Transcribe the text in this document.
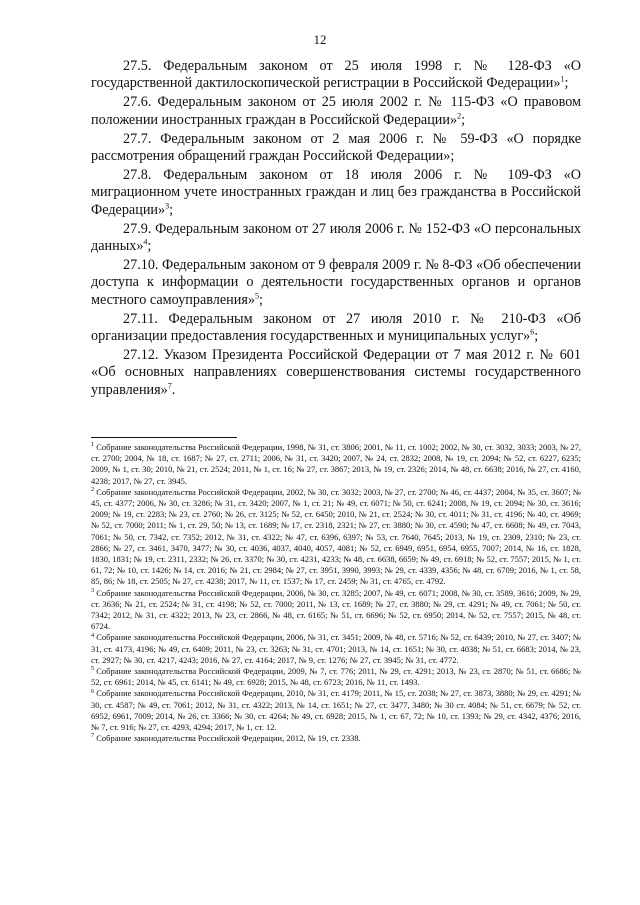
12

27.5. Федеральным законом от 25 июля 1998 г. № 128-ФЗ «О государственной дактилоскопической регистрации в Российской Федерации»$^1$;

27.6. Федеральным законом от 25 июля 2002 г. № 115-ФЗ «О правовом положении иностранных граждан в Российской Федерации»$^2$;

27.7. Федеральным законом от 2 мая 2006 г. № 59-ФЗ «О порядке рассмотрения обращений граждан Российской Федерации»;

27.8. Федеральным законом от 18 июля 2006 г. № 109-ФЗ «О миграционном учете иностранных граждан и лиц без гражданства в Российской Федерации»$^3$;

27.9. Федеральным законом от 27 июля 2006 г. № 152-ФЗ «О персональных данных»$^4$;

27.10. Федеральным законом от 9 февраля 2009 г. № 8-ФЗ «Об обеспечении доступа к информации о деятельности государственных органов и органов местного самоуправления»$^5$;

27.11. Федеральным законом от 27 июля 2010 г. № 210-ФЗ «Об организации предоставления государственных и муниципальных услуг»$^6$;

27.12. Указом Президента Российской Федерации от 7 мая 2012 г. № 601 «Об основных направлениях совершенствования системы государственного управления»$^7$.

$^1$ Собрание законодательства Российской Федерации, 1998, № 31, ст. 3806; 2001, № 11, ст. 1002; 2002, № 30, ст. 3032, 3033; 2003, № 27, ст. 2700; 2004, № 18, ст. 1687; № 27, ст. 2711; 2006, № 31, ст. 3420; 2007, № 24, ст. 2832; 2008, № 19, ст. 2094; № 52, ст. 6227, 6235; 2009, № 1, ст. 30; 2010, № 21, ст. 2524; 2011, № 1, ст. 16; № 27, ст. 3867; 2013, № 19, ст. 2326; 2014, № 48, ст. 6638; 2016, № 27, ст. 4160, 4238; 2017, № 27, ст. 3945.

$^2$ Собрание законодательства Российской Федерации, 2002, № 30, ст. 3032; 2003, № 27, ст. 2700; № 46, ст. 4437; 2004, № 35, ст. 3607; № 45, ст. 4377; 2006, № 30, ст. 3286; № 31, ст. 3420; 2007, № 1, ст. 21; № 49, ст. 6071; № 50, ст. 6241; 2008, № 19, ст. 2094; № 30, ст. 3616; 2009; № 19, ст. 2283; № 23, ст. 2760; № 26, ст. 3125; № 52, ст. 6450; 2010, № 21, ст. 2524; № 30, ст. 4011; № 31, ст. 4196; № 40, ст. 4969; № 52, ст. 7000; 2011; № 1, ст. 29, 50; № 13, ст. 1689; № 17, ст. 2318, 2321; № 27, ст. 3880; № 30, ст. 4590; № 47, ст. 6608; № 49, ст. 7043, 7061; № 50, ст. 7342, ст. 7352; 2012, № 31, ст. 4322; № 47, ст. 6396, 6397; № 53, ст. 7640, 7645; 2013, № 19, ст. 2309, 2310; № 23, ст. 2866; № 27, ст. 3461, 3470, 3477; № 30, ст. 4036, 4037, 4040, 4057, 4081; № 52, ст. 6949, 6951, 6954, 6955, 7007; 2014, № 16, ст. 1828, 1830, 1831; № 19, ст. 2311, 2332; № 26, ст. 3370; № 30, ст. 4231, 4233; № 48, ст. 6638, 6659; № 49, ст. 6918; № 52, ст. 7557; 2015, № 1, ст. 61, 72; № 10, ст. 1426; № 14, ст. 2016; № 21, ст. 2984; № 27, ст. 3951, 3990, 3993; № 29, ст. 4339, 4356; № 48, ст. 6709; 2016, № 1, ст. 58, 85, 86; № 18, ст. 2505; № 27, ст. 4238; 2017, № 11, ст. 1537; № 17, ст. 2459; № 31, ст. 4765, ст. 4792.

$^3$ Собрание законодательства Российской Федерации, 2006, № 30, ст. 3285; 2007, № 49, ст. 6071; 2008, № 30, ст. 3589, 3616; 2009, № 29, ст. 3636; № 21, ст. 2524; № 31, ст. 4198; № 52, ст. 7000; 2011, № 13, ст. 1689; № 27, ст. 3880; № 29, ст. 4291; № 49, ст. 7061; № 50, ст. 7342; 2012, № 31, ст. 4322; 2013, № 23, ст. 2866, № 48, ст. 6165; № 51, ст. 6696; № 52, ст. 6950; 2014, № 52, ст. 7557; 2015, № 48, ст. 6724.

$^4$ Собрание законодательства Российской Федерации, 2006, № 31, ст. 3451; 2009, № 48, ст. 5716; № 52, ст. 6439; 2010, № 27, ст. 3407; № 31, ст. 4173, 4196; № 49, ст. 6409; 2011, № 23, ст. 3263; № 31, ст. 4701; 2013, № 14, ст. 1651; № 30, ст. 4038; № 51, ст. 6683; 2014, № 23, ст. 2927; № 30, ст. 4217, 4243; 2016, № 27, ст. 4164; 2017, № 9, ст. 1276; № 27, ст. 3945; № 31, ст. 4772.

$^5$ Собрание законодательства Российской Федерации, 2009, № 7, ст. 776; 2011, № 29, ст. 4291; 2013, № 23, ст. 2870; № 51, ст. 6686; № 52, ст. 6961; 2014, № 45, ст. 6141; № 49, ст. 6928; 2015, № 48, ст. 6723; 2016, № 11, ст. 1493.

$^6$ Собрание законодательства Российской Федерации, 2010, № 31, ст. 4179; 2011, № 15, ст. 2038; № 27, ст. 3873, 3880; № 29, ст. 4291; № 30, ст. 4587; № 49, ст. 7061; 2012, № 31, ст. 4322; 2013, № 14, ст. 1651; № 27, ст. 3477, 3480; № 30 ст. 4084; № 51, ст. 6679; № 52, ст. 6952, 6961, 7009; 2014, № 26, ст. 3366; № 30, ст. 4264; № 49, ст. 6928; 2015, № 1, ст. 67, 72; № 10, ст. 1393; № 29, ст. 4342, 4376; 2016, № 7, ст. 916; № 27, ст. 4293, 4294; 2017, № 1, ст. 12.

$^7$ Собрание законодательства Российской Федерации, 2012, № 19, ст. 2338.
